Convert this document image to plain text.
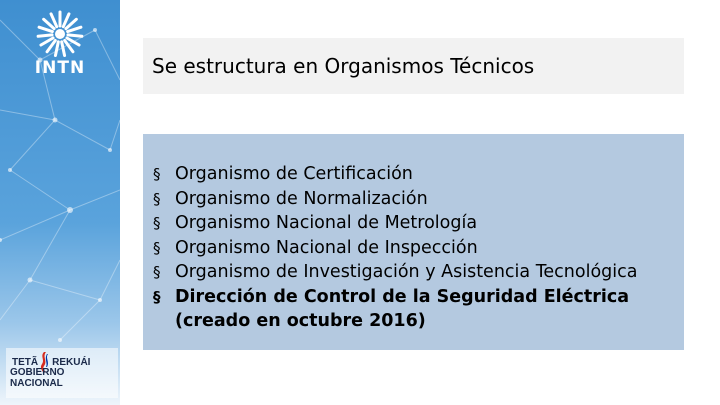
INTN
TETÃ REKUÁI
GOBIERNO NACIONAL
Se estructura en Organismos Técnicos
§ Organismo de Certificación
§ Organismo de Normalización
§ Organismo Nacional de Metrología
§ Organismo Nacional de Inspección
§ Organismo de Investigación y Asistencia Tecnológica
§ Dirección de Control de la Seguridad Eléctrica (creado en octubre 2016)
